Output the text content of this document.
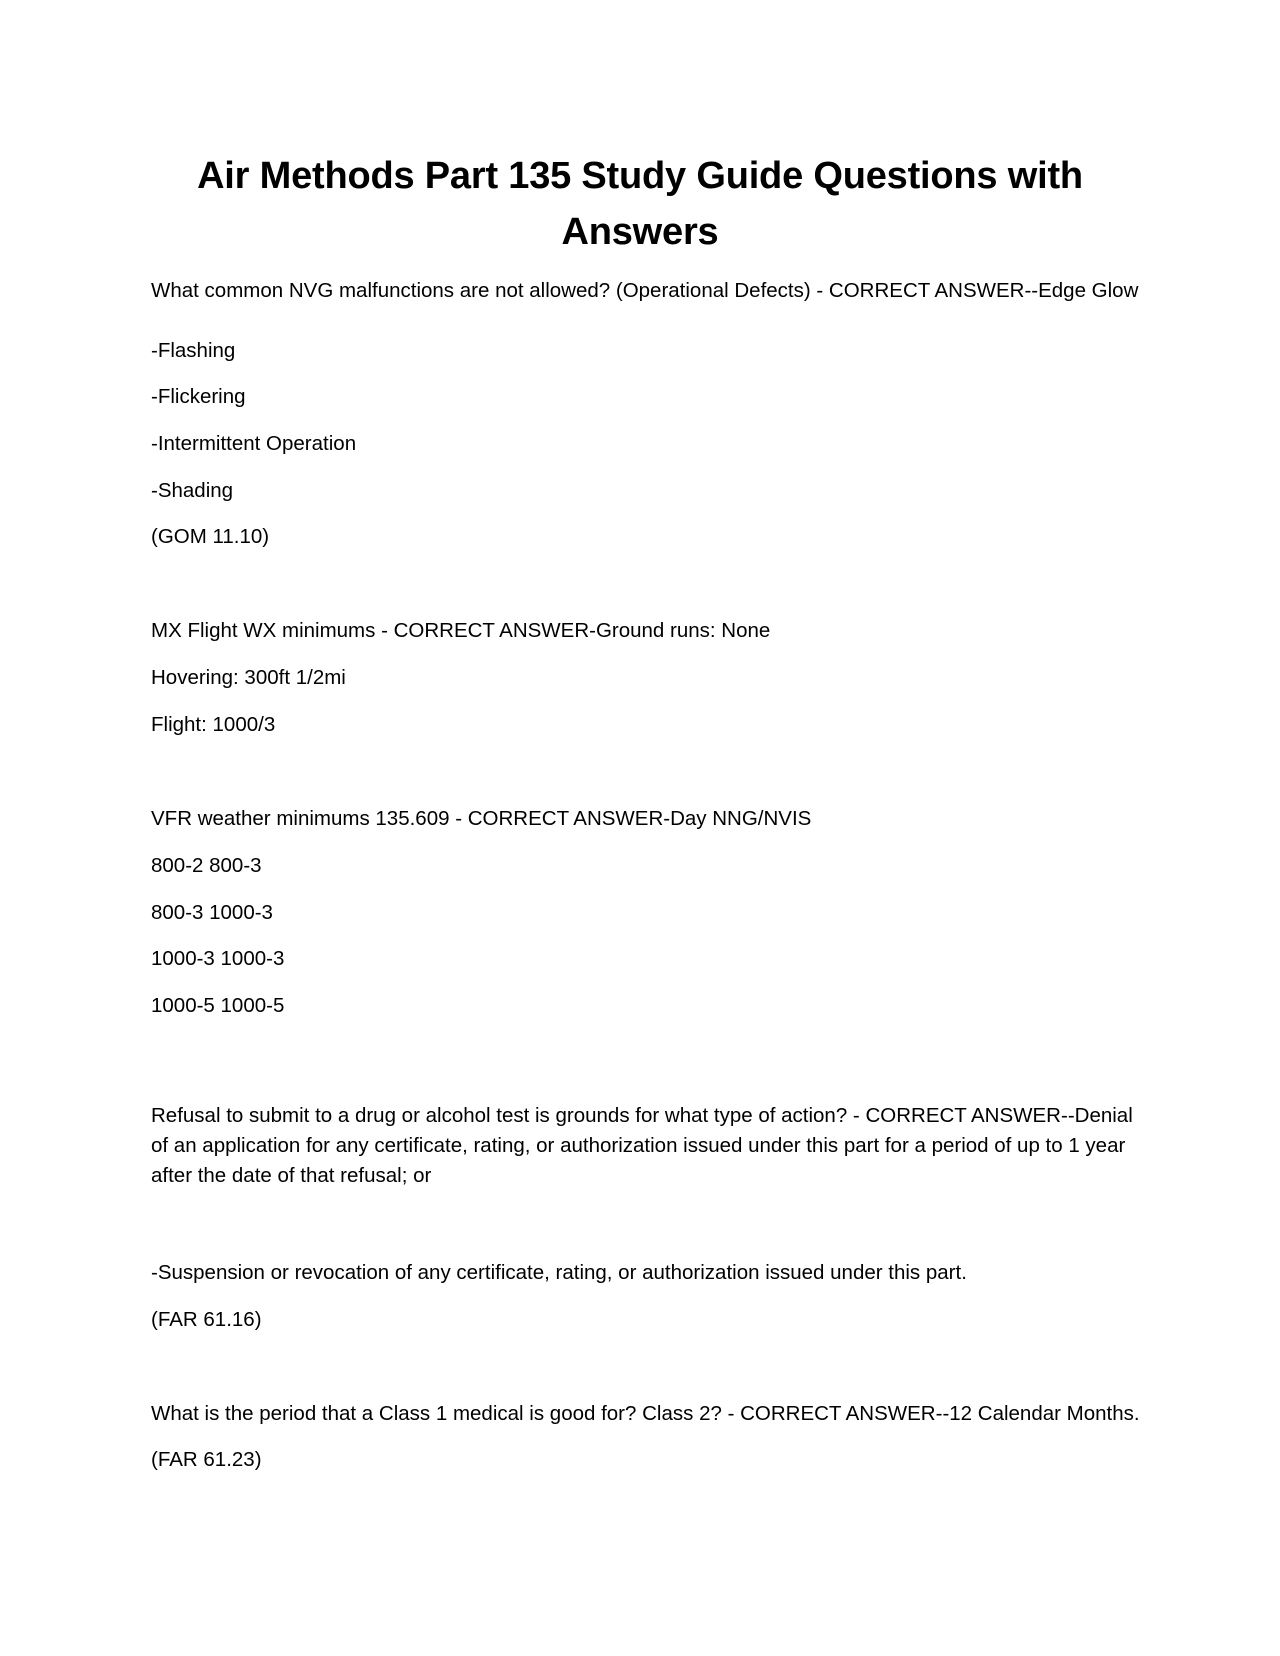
Air Methods Part 135 Study Guide Questions with Answers

What common NVG malfunctions are not allowed? (Operational Defects) - CORRECT ANSWER--Edge Glow

-Flashing

-Flickering

-Intermittent Operation

-Shading

(GOM 11.10)

MX Flight WX minimums - CORRECT ANSWER-Ground runs: None

Hovering: 300ft 1/2mi

Flight: 1000/3

VFR weather minimums 135.609 - CORRECT ANSWER-Day NNG/NVIS

800-2 800-3

800-3 1000-3

1000-3 1000-3

1000-5 1000-5

Refusal to submit to a drug or alcohol test is grounds for what type of action? - CORRECT ANSWER--Denial of an application for any certificate, rating, or authorization issued under this part for a period of up to 1 year after the date of that refusal; or

-Suspension or revocation of any certificate, rating, or authorization issued under this part.

(FAR 61.16)

What is the period that a Class 1 medical is good for? Class 2? - CORRECT ANSWER--12 Calendar Months.

(FAR 61.23)
